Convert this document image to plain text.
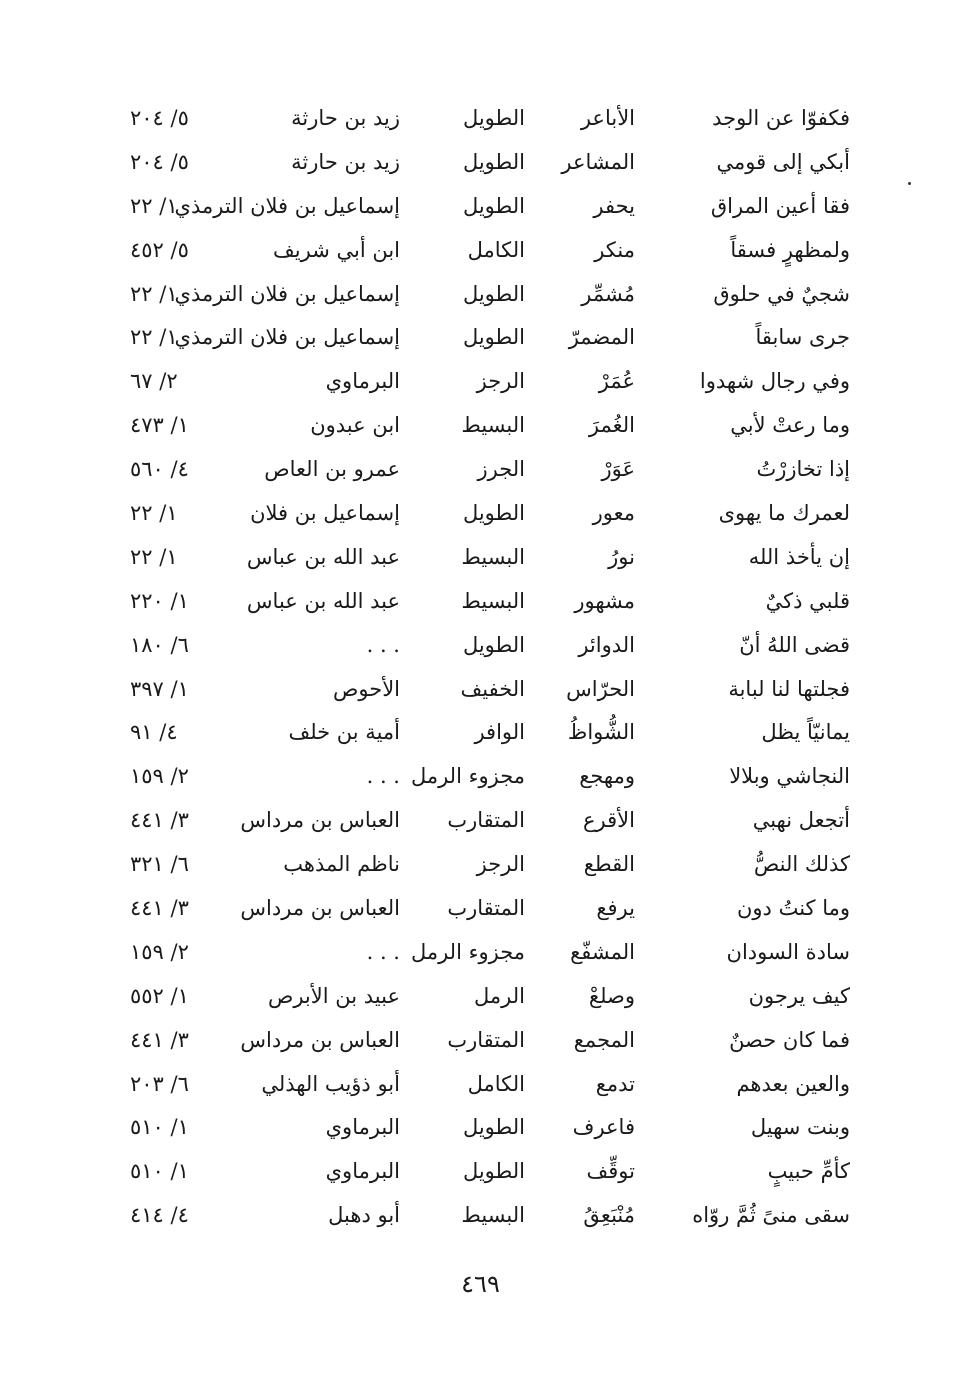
فكفوّا عن الوجد
الأباعر
الطويل
زيد بن حارثة
٥/ ٢٠٤
أبكي إلى قومي
المشاعر
الطويل
زيد بن حارثة
٥/ ٢٠٤
فقا أعين المراق
يحفر
الطويل
إسماعيل بن فلان الترمذي
١/ ٢٢
ولمظهرٍ فسقاً
منكر
الكامل
ابن أبي شريف
٥/ ٤٥٢
شجيٌ في حلوق
مُشمِّر
الطويل
إسماعيل بن فلان الترمذي
١/ ٢٢
جرى سابقاً
المضمرّ
الطويل
إسماعيل بن فلان الترمذي
١/ ٢٢
وفي رجال شهدوا
عُمَرْ
الرجز
البرماوي
٢/ ٦٧
وما رعتْ لأبي
الغُمرَ
البسيط
ابن عبدون
١/ ٤٧٣
إذا تخازرْتُ
عَوَرْ
الجرز
عمرو بن العاص
٤/ ٥٦٠
لعمرك ما يهوى
معور
الطويل
إسماعيل بن فلان
١/ ٢٢
إن يأخذ الله
نورُ
البسيط
عبد الله بن عباس
١/ ٢٢
قلبي ذكيٌ
مشهور
البسيط
عبد الله بن عباس
١/ ٢٢٠
قضى اللهُ أنّ
الدوائر
الطويل
. . .
٦/ ١٨٠
فجلتها لنا لبابة
الحرّاس
الخفيف
الأحوص
١/ ٣٩٧
يمانيّاً يظل
الشُّواظُ
الوافر
أمية بن خلف
٤/ ٩١
النجاشي وبلالا
ومهجع
مجزوء الرمل
. . .
٢/ ١٥٩
أتجعل نهبي
الأقرع
المتقارب
العباس بن مرداس
٣/ ٤٤١
كذلك النصُّ
القطع
الرجز
ناظم المذهب
٦/ ٣٢١
وما كنتُ دون
يرفع
المتقارب
العباس بن مرداس
٣/ ٤٤١
سادة السودان
المشفّع
مجزوء الرمل
. . .
٢/ ١٥٩
كيف يرجون
وصلعْ
الرمل
عبيد بن الأبرص
١/ ٥٥٢
فما كان حصنٌ
المجمع
المتقارب
العباس بن مرداس
٣/ ٤٤١
والعين بعدهم
تدمع
الكامل
أبو ذؤيب الهذلي
٦/ ٢٠٣
وبنت سهيل
فاعرف
الطويل
البرماوي
١/ ٥١٠
كأمِّ حبيبٍ
توقِّف
الطويل
البرماوي
١/ ٥١٠
سقى منىً ثُمَّ روّاه
مُنْبَعِقُ
البسيط
أبو دهبل
٤/ ٤١٤
٤٦٩
